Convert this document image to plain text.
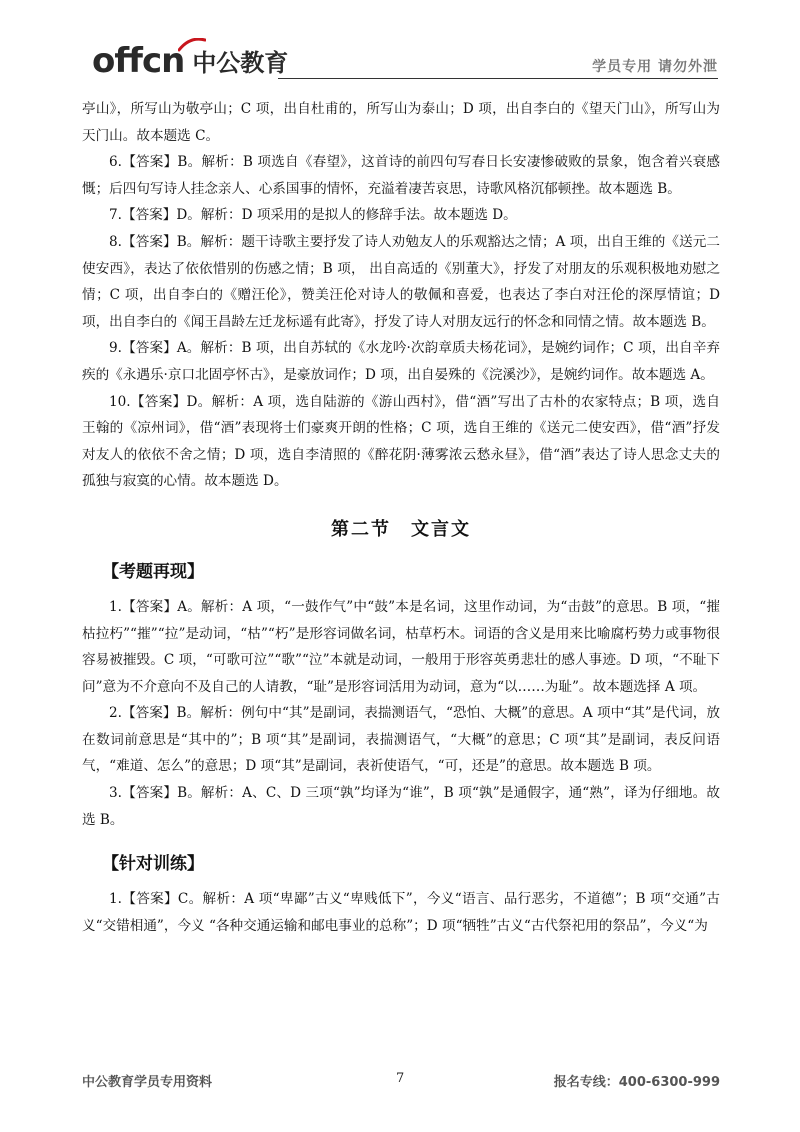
offcn 中公教育	学员专用 请勿外泄

亭山》，所写山为敬亭山；C 项，出自杜甫的，所写山为泰山；D 项，出自李白的《望天门山》，所写山为天门山。故本题选 C。

6.【答案】B。解析：B 项选自《春望》，这首诗的前四句写春日长安凄惨破败的景象，饱含着兴衰感慨；后四句写诗人挂念亲人、心系国事的情怀，充溢着凄苦哀思，诗歌风格沉郁顿挫。故本题选 B。

7.【答案】D。解析：D 项采用的是拟人的修辞手法。故本题选 D。

8.【答案】B。解析：题干诗歌主要抒发了诗人劝勉友人的乐观豁达之情；A 项，出自王维的《送元二使安西》，表达了依依惜别的伤感之情；B 项， 出自高适的《别董大》，抒发了对朋友的乐观积极地劝慰之情；C 项，出自李白的《赠汪伦》，赞美汪伦对诗人的敬佩和喜爱，也表达了李白对汪伦的深厚情谊；D 项，出自李白的《闻王昌龄左迁龙标遥有此寄》，抒发了诗人对朋友远行的怀念和同情之情。故本题选 B。

9.【答案】A。解析：B 项，出自苏轼的《水龙吟·次韵章质夫杨花词》，是婉约词作；C 项，出自辛弃疾的《永遇乐·京口北固亭怀古》，是豪放词作；D 项，出自晏殊的《浣溪沙》，是婉约词作。故本题选 A。

10.【答案】D。解析：A 项，选自陆游的《游山西村》，借“酒”写出了古朴的农家特点；B 项，选自王翰的《凉州词》，借“酒”表现将士们豪爽开朗的性格；C 项，选自王维的《送元二使安西》，借“酒”抒发对友人的依依不舍之情；D 项，选自李清照的《醉花阴·薄雾浓云愁永昼》，借“酒”表达了诗人思念丈夫的孤独与寂寞的心情。故本题选 D。

第二节　文言文
【考题再现】

1.【答案】A。解析：A 项，“一鼓作气”中“鼓”本是名词，这里作动词，为“击鼓”的意思。B 项，“摧枯拉朽”“摧”“拉”是动词，“枯”“朽”是形容词做名词，枯草朽木。词语的含义是用来比喻腐朽势力或事物很容易被摧毁。C 项，“可歌可泣”“歌”“泣”本就是动词，一般用于形容英勇悲壮的感人事迹。D 项，“不耻下问”意为不介意向不及自己的人请教，“耻”是形容词活用为动词，意为“以……为耻”。故本题选择 A 项。

2.【答案】B。解析：例句中“其”是副词，表揣测语气，“恐怕、大概”的意思。A 项中“其”是代词，放在数词前意思是“其中的”；B 项“其”是副词，表揣测语气，“大概”的意思；C 项“其”是副词，表反问语气，“难道、怎么”的意思；D 项“其”是副词，表祈使语气，“可，还是”的意思。故本题选 B 项。

3.【答案】B。解析：A、C、D 三项“孰”均译为“谁”，B 项“孰”是通假字，通“熟”，译为仔细地。故选 B。

【针对训练】

1.【答案】C。解析：A 项“卑鄙”古义“卑贱低下”，今义“语言、品行恶劣，不道德”；B 项“交通”古义“交错相通”，今义 “各种交通运输和邮电事业的总称”；D 项“牺牲”古义“古代祭祀用的祭品”，今义“为

中公教育学员专用资料	7	报名专线：400-6300-999
